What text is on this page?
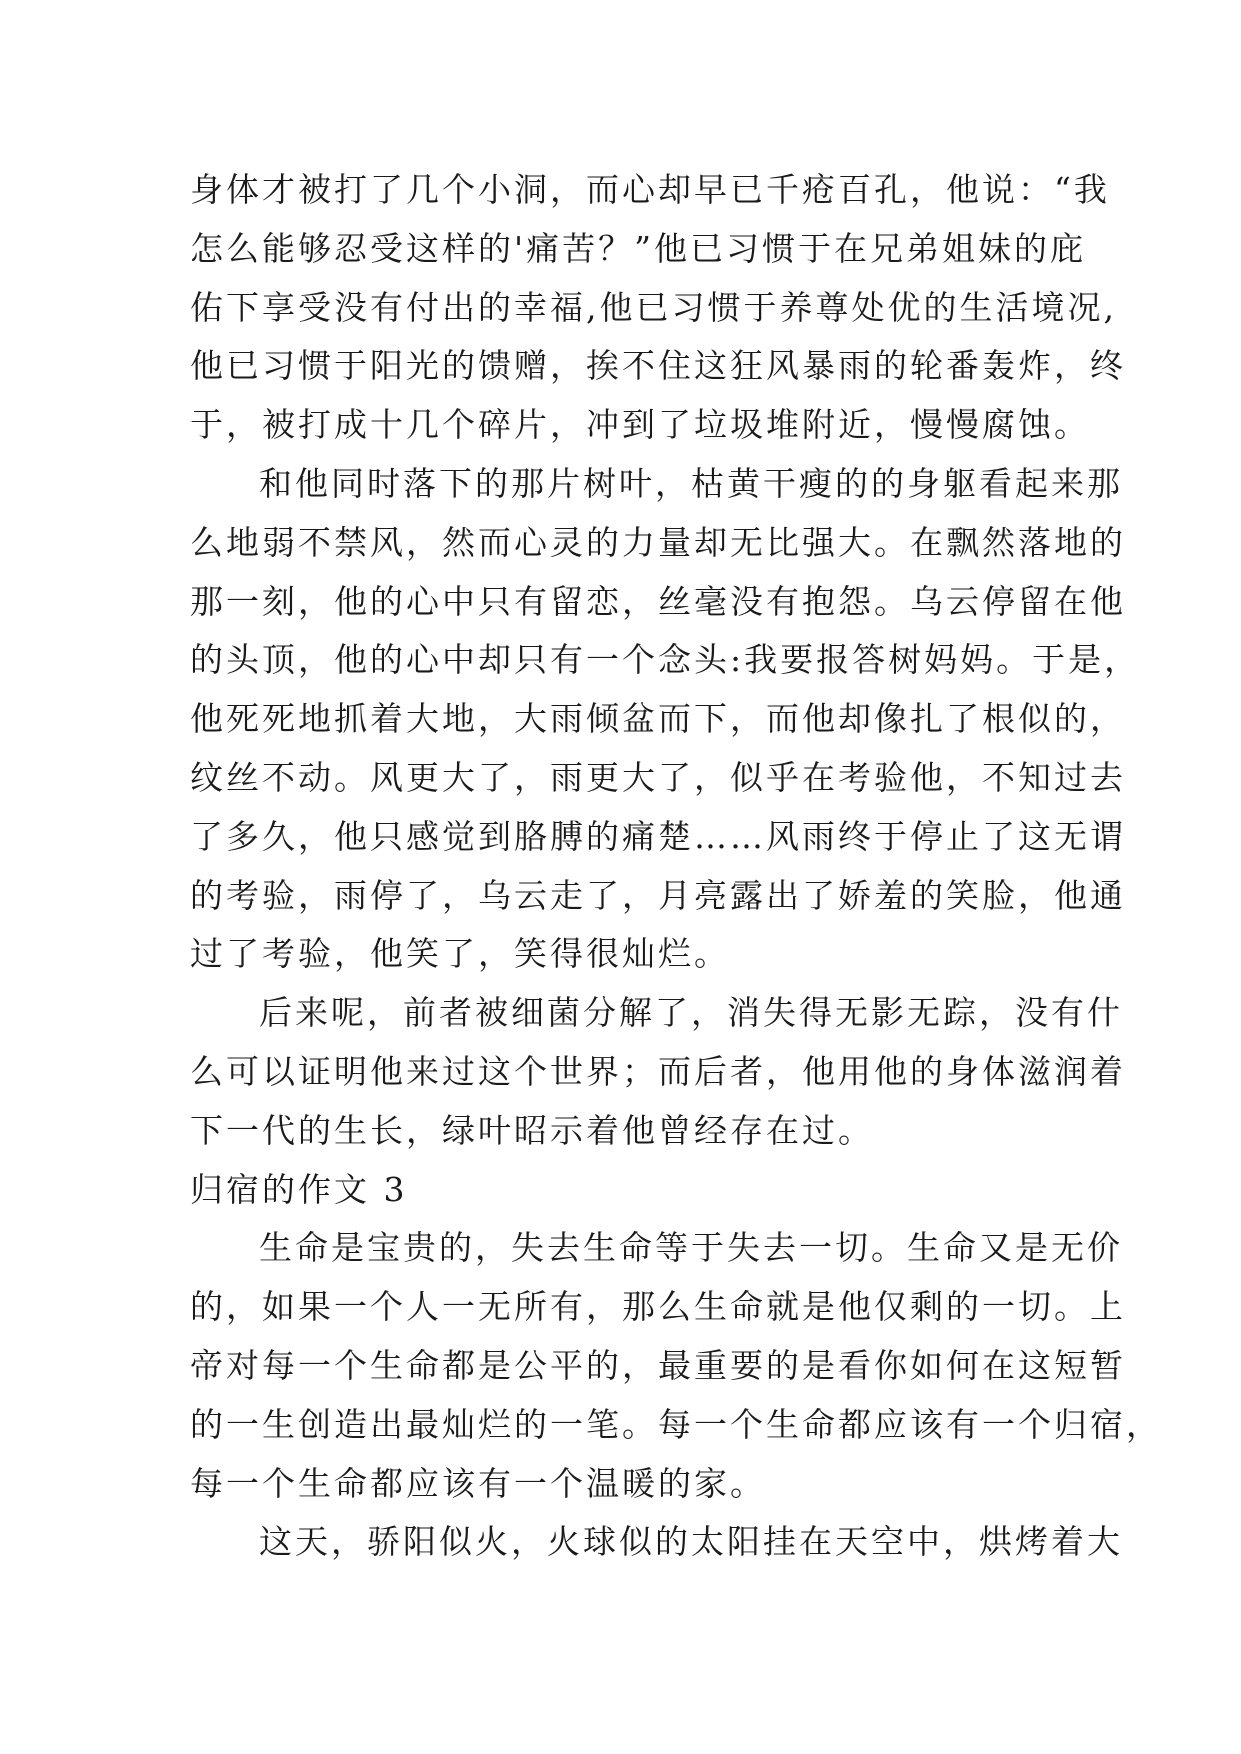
身体才被打了几个小洞，而心却早已千疮百孔，他说：“我
怎么能够忍受这样的'痛苦？”他已习惯于在兄弟姐妹的庇
佑下享受没有付出的幸福,他已习惯于养尊处优的生活境况,
他已习惯于阳光的馈赠，挨不住这狂风暴雨的轮番轰炸，终
于，被打成十几个碎片，冲到了垃圾堆附近，慢慢腐蚀。
和他同时落下的那片树叶，枯黄干瘦的的身躯看起来那
么地弱不禁风，然而心灵的力量却无比强大。在飘然落地的
那一刻，他的心中只有留恋，丝毫没有抱怨。乌云停留在他
的头顶，他的心中却只有一个念头:我要报答树妈妈。于是，
他死死地抓着大地，大雨倾盆而下，而他却像扎了根似的，
纹丝不动。风更大了，雨更大了，似乎在考验他，不知过去
了多久，他只感觉到胳膊的痛楚……风雨终于停止了这无谓
的考验，雨停了，乌云走了，月亮露出了娇羞的笑脸，他通
过了考验，他笑了，笑得很灿烂。
后来呢，前者被细菌分解了，消失得无影无踪，没有什
么可以证明他来过这个世界；而后者，他用他的身体滋润着
下一代的生长，绿叶昭示着他曾经存在过。
归宿的作文 3
生命是宝贵的，失去生命等于失去一切。生命又是无价
的，如果一个人一无所有，那么生命就是他仅剩的一切。上
帝对每一个生命都是公平的，最重要的是看你如何在这短暂
的一生创造出最灿烂的一笔。每一个生命都应该有一个归宿，
每一个生命都应该有一个温暖的家。
这天，骄阳似火，火球似的太阳挂在天空中，烘烤着大
